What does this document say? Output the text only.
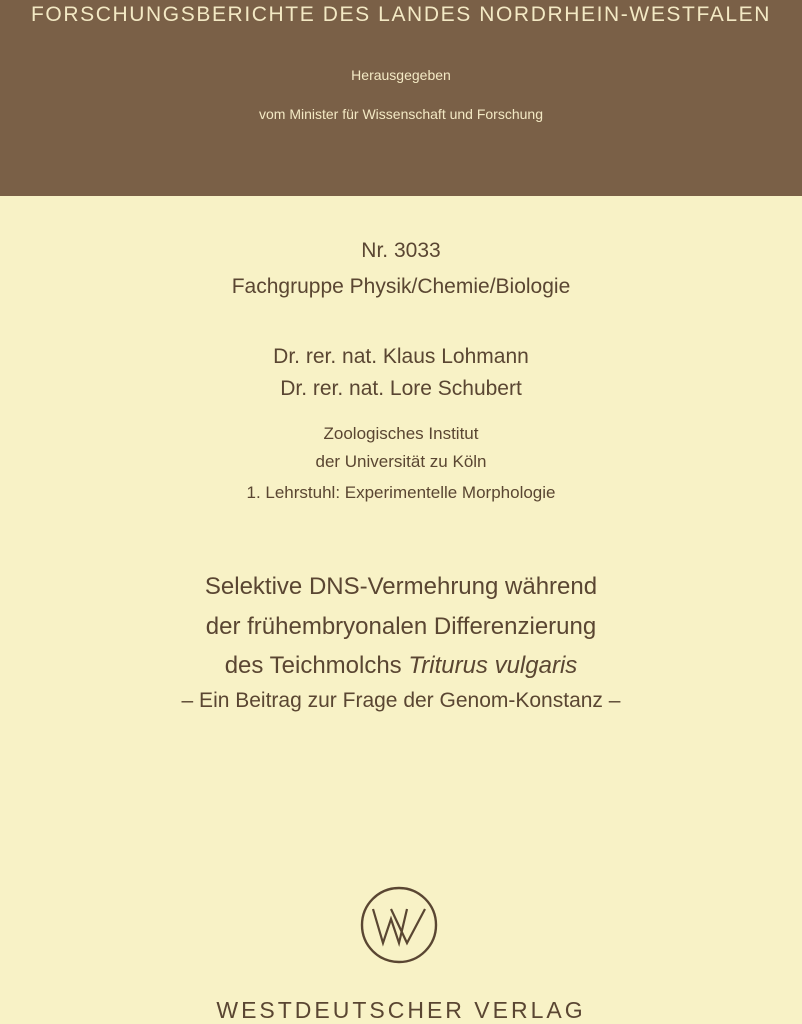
FORSCHUNGSBERICHTE DES LANDES NORDRHEIN-WESTFALEN
Herausgegeben
vom Minister für Wissenschaft und Forschung
Nr. 3033
Fachgruppe Physik/Chemie/Biologie
Dr. rer. nat. Klaus Lohmann
Dr. rer. nat. Lore Schubert
Zoologisches Institut
der Universität zu Köln
1. Lehrstuhl: Experimentelle Morphologie
Selektive DNS-Vermehrung während
der frühembryonalen Differenzierung
des Teichmolchs Triturus vulgaris
– Ein Beitrag zur Frage der Genom-Konstanz –
WESTDEUTSCHER VERLAG
